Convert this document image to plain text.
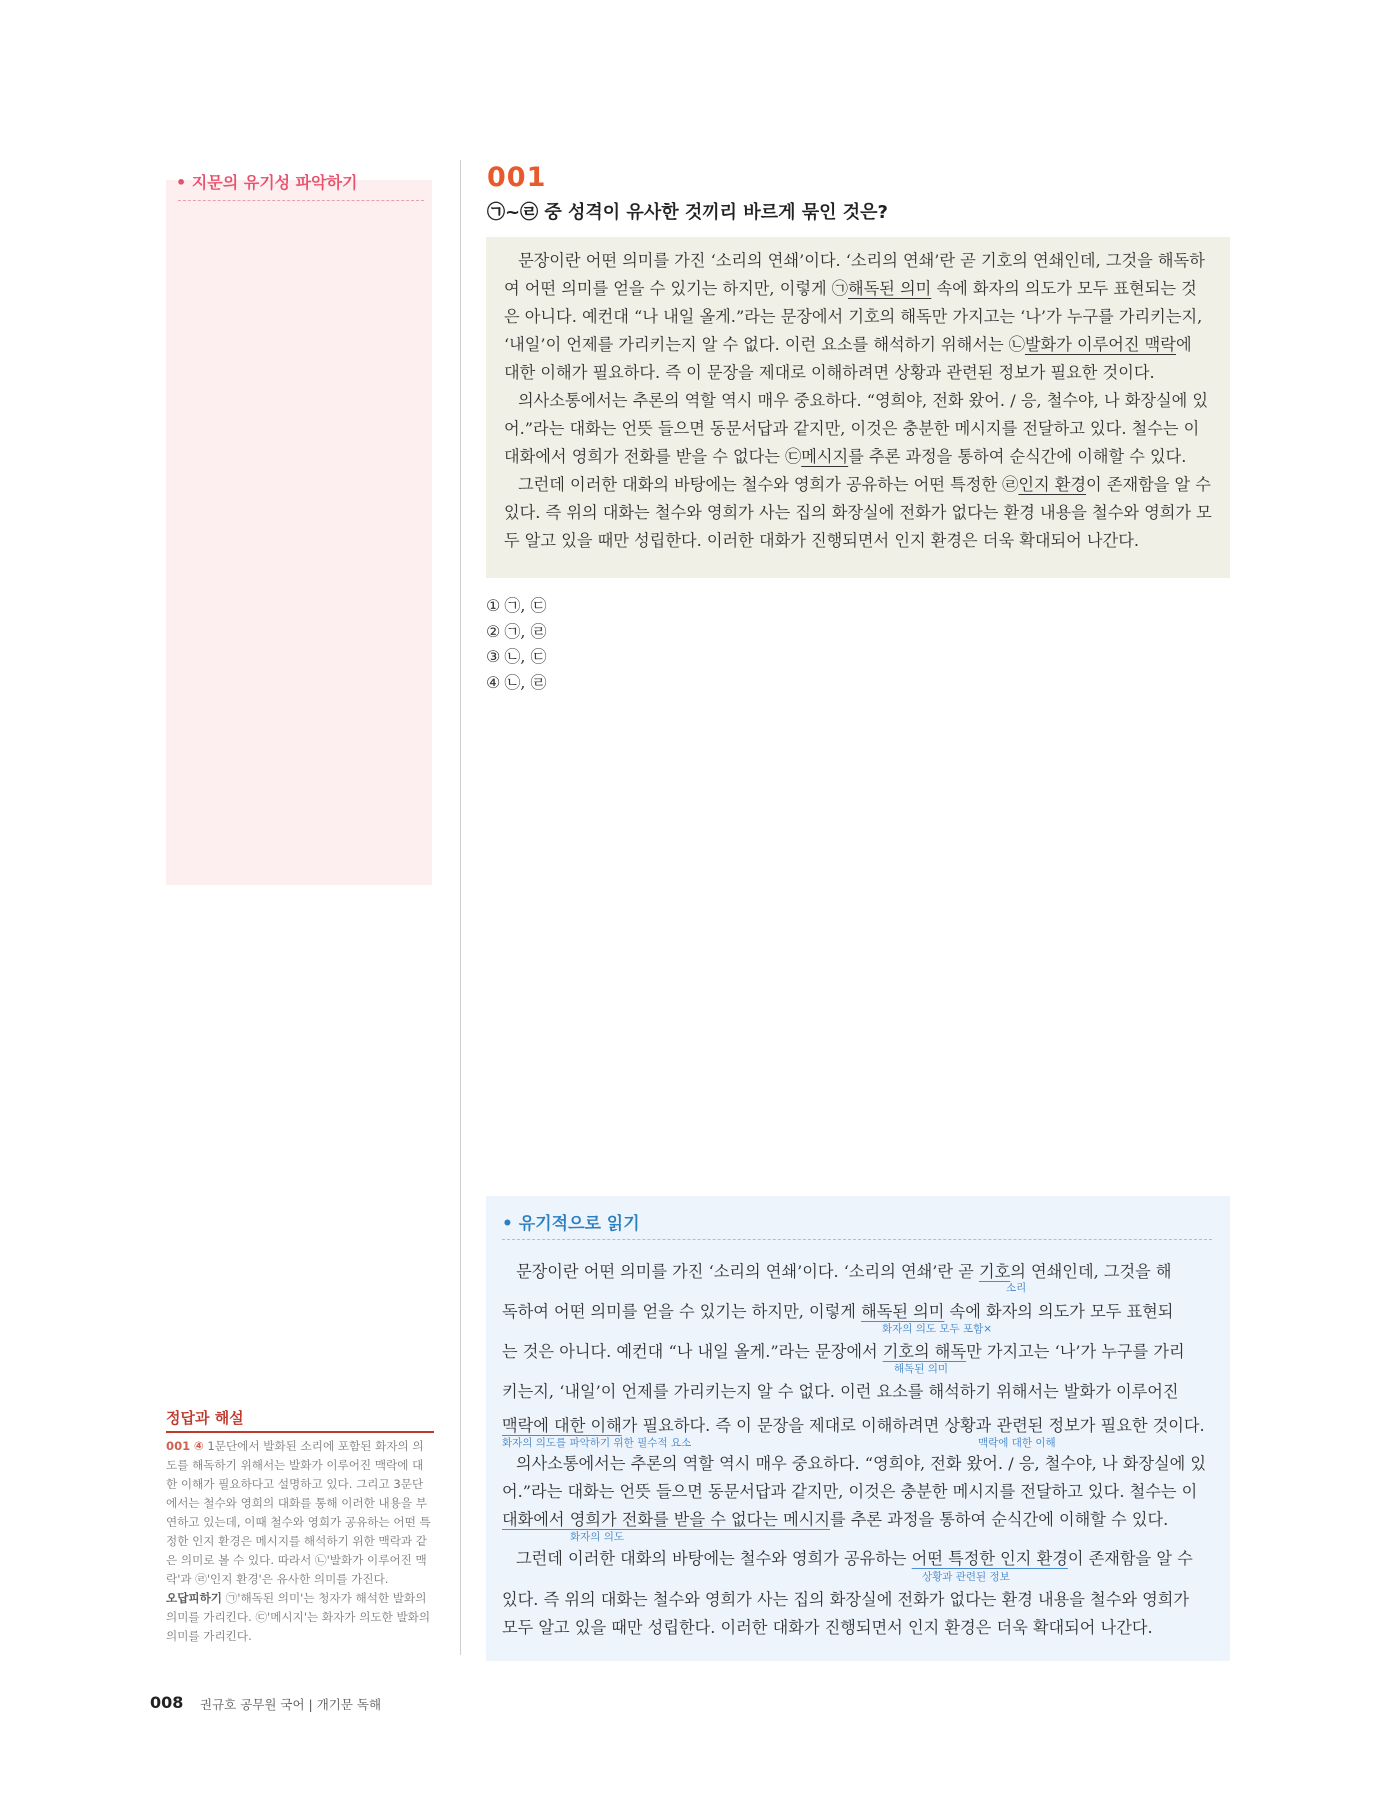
• 지문의 유기성 파악하기	001
㉠~㉣ 중 성격이 유사한 것끼리 바르게 묶인 것은?

문장이란 어떤 의미를 가진 ‘소리의 연쇄’이다. ‘소리의 연쇄’란 곧 기호의 연쇄인데, 그것을 해독하여 어떤 의미를 얻을 수 있기는 하지만, 이렇게 ㉠해독된 의미 속에 화자의 의도가 모두 표현되는 것은 아니다. 예컨대 “나 내일 올게.”라는 문장에서 기호의 해독만 가지고는 ‘나’가 누구를 가리키는지, ‘내일’이 언제를 가리키는지 알 수 없다. 이런 요소를 해석하기 위해서는 ㉡발화가 이루어진 맥락에 대한 이해가 필요하다. 즉 이 문장을 제대로 이해하려면 상황과 관련된 정보가 필요한 것이다.

의사소통에서는 추론의 역할 역시 매우 중요하다. “영희야, 전화 왔어. / 응, 철수야, 나 화장실에 있어.”라는 대화는 언뜻 들으면 동문서답과 같지만, 이것은 충분한 메시지를 전달하고 있다. 철수는 이 대화에서 영희가 전화를 받을 수 없다는 ㉢메시지를 추론 과정을 통하여 순식간에 이해할 수 있다.

그런데 이러한 대화의 바탕에는 철수와 영희가 공유하는 어떤 특정한 ㉣인지 환경이 존재함을 알 수 있다. 즉 위의 대화는 철수와 영희가 사는 집의 화장실에 전화가 없다는 환경 내용을 철수와 영희가 모두 알고 있을 때만 성립한다. 이러한 대화가 진행되면서 인지 환경은 더욱 확대되어 나간다.

① ㉠, ㉢
② ㉠, ㉣
③ ㉡, ㉢
④ ㉡, ㉣
정답과 해설

001 ④ 1문단에서 발화된 소리에 포함된 화자의 의도를 해독하기 위해서는 발화가 이루어진 맥락에 대한 이해가 필요하다고 설명하고 있다. 그리고 3문단에서는 철수와 영희의 대화를 통해 이러한 내용을 부연하고 있는데, 이때 철수와 영희가 공유하는 어떤 특정한 인지 환경은 메시지를 해석하기 위한 맥락과 같은 의미로 볼 수 있다. 따라서 ㉡'발화가 이루어진 맥락'과 ㉣'인지 환경'은 유사한 의미를 가진다.

오답피하기 ㉠'해독된 의미'는 청자가 해석한 발화의 의미를 가리킨다. ㉢'메시지'는 화자가 의도한 발화의 의미를 가리킨다.

• 유기적으로 읽기
문장이란 어떤 의미를 가진 ‘소리의 연쇄’이다. ‘소리의 연쇄’란 곧 기호의 연쇄인데, 그것을 해
소리
독하여 어떤 의미를 얻을 수 있기는 하지만, 이렇게 해독된 의미 속에 화자의 의도가 모두 표현되
화자의 의도 모두 포함×
는 것은 아니다. 예컨대 “나 내일 올게.”라는 문장에서 기호의 해독만 가지고는 ‘나’가 누구를 가리
해독된 의미
키는지, ‘내일’이 언제를 가리키는지 알 수 없다. 이런 요소를 해석하기 위해서는 발화가 이루어진
맥락에 대한 이해가 필요하다. 즉 이 문장을 제대로 이해하려면 상황과 관련된 정보가 필요한 것이다.
화자의 의도를 파악하기 위한 필수적 요소	맥락에 대한 이해
의사소통에서는 추론의 역할 역시 매우 중요하다. “영희야, 전화 왔어. / 응, 철수야, 나 화장실에 있
어.”라는 대화는 언뜻 들으면 동문서답과 같지만, 이것은 충분한 메시지를 전달하고 있다. 철수는 이
대화에서 영희가 전화를 받을 수 없다는 메시지를 추론 과정을 통하여 순식간에 이해할 수 있다.
화자의 의도
그런데 이러한 대화의 바탕에는 철수와 영희가 공유하는 어떤 특정한 인지 환경이 존재함을 알 수
상황과 관련된 정보
있다. 즉 위의 대화는 철수와 영희가 사는 집의 화장실에 전화가 없다는 환경 내용을 철수와 영희가
모두 알고 있을 때만 성립한다. 이러한 대화가 진행되면서 인지 환경은 더욱 확대되어 나간다.
008 권규호 공무원 국어 | 개기문 독해
